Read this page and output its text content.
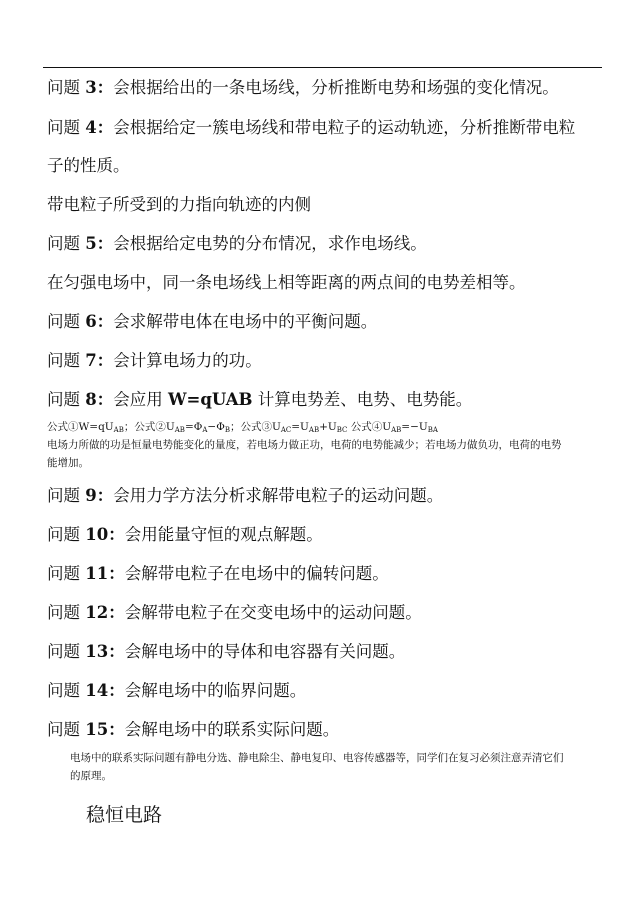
问题 3：会根据给出的一条电场线，分析推断电势和场强的变化情况。
问题 4：会根据给定一簇电场线和带电粒子的运动轨迹，分析推断带电粒
子的性质。
带电粒子所受到的力指向轨迹的内侧
问题 5：会根据给定电势的分布情况，求作电场线。
在匀强电场中，同一条电场线上相等距离的两点间的电势差相等。
问题 6：会求解带电体在电场中的平衡问题。
问题 7：会计算电场力的功。
问题 8：会应用 W=qUAB 计算电势差、电势、电势能。
公式$①W=qU_{AB}$；公式$②U_{AB}=\Phi_A-\Phi_B$；公式$③U_{AC}=U_{AB}+U_{BC}$ 公式$④U_{AB}=-U_{BA}$
电场力所做的功是恒量电势能变化的量度，若电场力做正功，电荷的电势能减少；若电场力做负功，电荷的电势
能增加。
问题 9：会用力学方法分析求解带电粒子的运动问题。
问题 10：会用能量守恒的观点解题。
问题 11：会解带电粒子在电场中的偏转问题。
问题 12：会解带电粒子在交变电场中的运动问题。
问题 13：会解电场中的导体和电容器有关问题。
问题 14：会解电场中的临界问题。
问题 15：会解电场中的联系实际问题。
电场中的联系实际问题有静电分选、静电除尘、静电复印、电容传感器等，同学们在复习必须注意弄清它们
的原理。
稳恒电路
